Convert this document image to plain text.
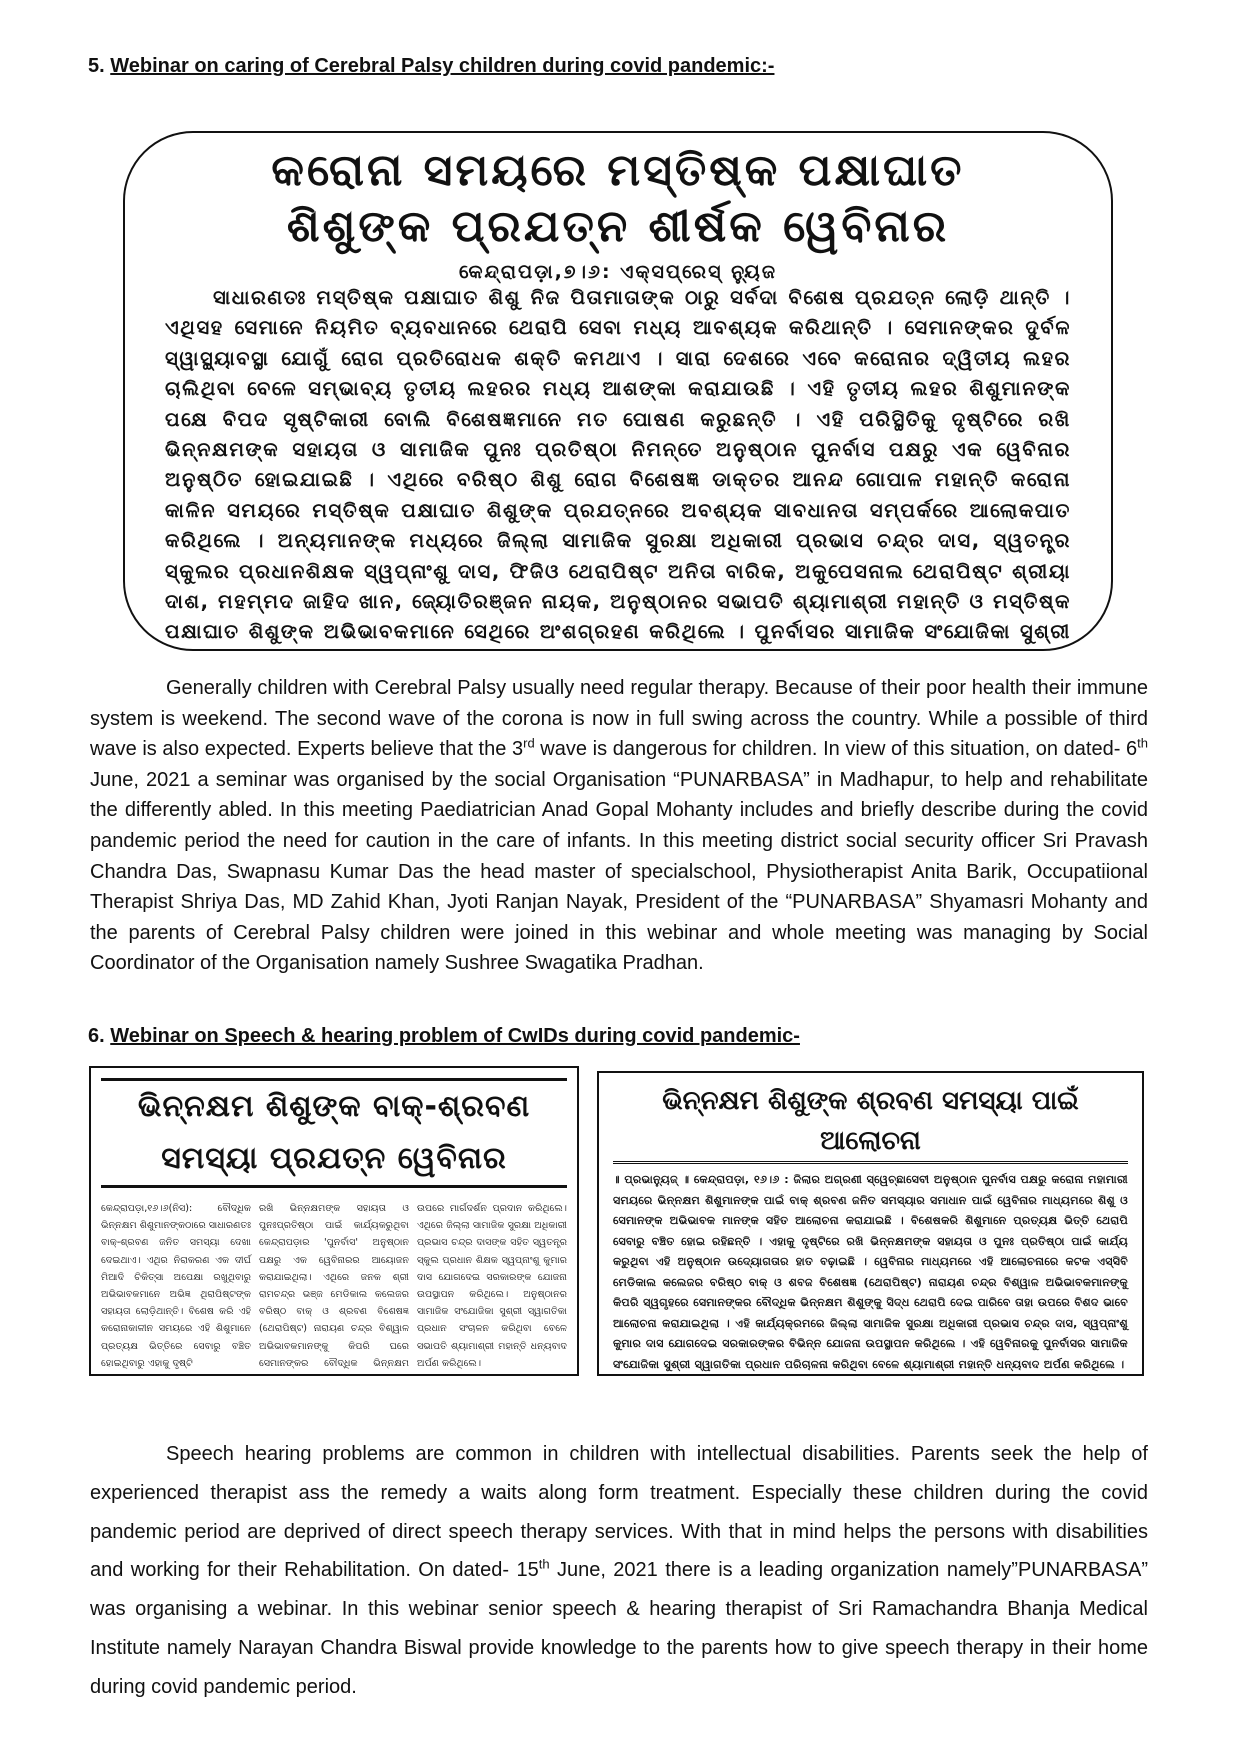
5. Webinar on caring of Cerebral Palsy children during covid pandemic:-

କରୋନା ସମୟରେ ମସ୍ତିଷ୍କ ପକ୍ଷାଘାତ

ଶିଶୁଙ୍କ ପ୍ରଯତ୍ନ ଶୀର୍ଷକ ୱେବିନାର

କେନ୍ଦ୍ରାପଡ଼ା,୭।୬: ଏକ୍ସପ୍ରେସ୍ ନ୍ୟୁଜ

ସାଧାରଣତଃ ମସ୍ତିଷ୍କ ପକ୍ଷାଘାତ ଶିଶୁ ନିଜ ପିତାମାତାଙ୍କ ଠାରୁ ସର୍ବଦା ବିଶେଷ ପ୍ରଯତ୍ନ ଲୋଡ଼ି ଥାନ୍ତି । ଏଥିସହ ସେମାନେ ନିୟମିତ ବ୍ୟବଧାନରେ ଥେରାପି ସେବା ମଧ୍ୟ ଆବଶ୍ୟକ କରିଥାନ୍ତି । ସେମାନଙ୍କର ଦୁର୍ବଳ ସ୍ୱାସ୍ଥ୍ୟାବସ୍ଥା ଯୋଗୁଁ ରୋଗ ପ୍ରତିରୋଧକ ଶକ୍ତି କମଥାଏ । ସାରା ଦେଶରେ ଏବେ କରୋନାର ଦ୍ୱିତୀୟ ଲହର ଚାଲିଥିବା ବେଳେ ସମ୍ଭାବ୍ୟ ତୃତୀୟ ଲହରର ମଧ୍ୟ ଆଶଙ୍କା କରାଯାଉଛି । ଏହି ତୃତୀୟ ଲହର ଶିଶୁମାନଙ୍କ ପକ୍ଷେ ବିପଦ ସୃଷ୍ଟିକାରୀ ବୋଲି ବିଶେଷଜ୍ଞମାନେ ମତ ପୋଷଣ କରୁଛନ୍ତି । ଏହି ପରିସ୍ଥିତିକୁ ଦୃଷ୍ଟିରେ ରଖି ଭିନ୍ନକ୍ଷମଙ୍କ ସହାୟତା ଓ ସାମାଜିକ ପୁନଃ ପ୍ରତିଷ୍ଠା ନିମନ୍ତେ ଅନୁଷ୍ଠାନ ପୁନର୍ବାସ ପକ୍ଷରୁ ଏକ ୱେବିନାର ଅନୁଷ୍ଠିତ ହୋଇଯାଇଛି । ଏଥିରେ ବରିଷ୍ଠ ଶିଶୁ ରୋଗ ବିଶେଷଜ୍ଞ ଡାକ୍ତର ଆନନ୍ଦ ଗୋପାଳ ମହାନ୍ତି କରୋନା କାଳିନ ସମୟରେ ମସ୍ତିଷ୍କ ପକ୍ଷାଘାତ ଶିଶୁଙ୍କ ପ୍ରଯତ୍ନରେ ଅବଶ୍ୟକ ସାବଧାନତା ସମ୍ପର୍କରେ ଆଲୋକପାତ କରିଥିଲେ । ଅନ୍ୟମାନଙ୍କ ମଧ୍ୟରେ ଜିଲ୍ଲା ସାମାଜିକ ସୁରକ୍ଷା ଅଧିକାରୀ ପ୍ରଭାସ ଚନ୍ଦ୍ର ଦାସ, ସ୍ୱତନ୍ତ୍ର ସ୍କୁଲର ପ୍ରଧାନଶିକ୍ଷକ ସ୍ୱପ୍ନାଂଶୁ ଦାସ, ଫିଜିଓ ଥେରାପିଷ୍ଟ ଅନିତା ବାରିକ, ଅକୁପେସନାଲ ଥେରାପିଷ୍ଟ ଶ୍ରୀୟା ଦାଶ, ମହମ୍ମଦ ଜାହିଦ ଖାନ, ଜ୍ୟୋତିରଞ୍ଜନ ନାୟକ, ଅନୁଷ୍ଠାନର ସଭାପତି ଶ୍ୟାମାଶ୍ରୀ ମହାନ୍ତି ଓ ମସ୍ତିଷ୍କ ପକ୍ଷାଘାତ ଶିଶୁଙ୍କ ଅଭିଭାବକମାନେ ସେଥିରେ ଅଂଶଗ୍ରହଣ କରିଥିଲେ । ପୁନର୍ବାସର ସାମାଜିକ ସଂଯୋଜିକା ସୁଶ୍ରୀ

Generally children with Cerebral Palsy usually need regular therapy. Because of their poor health their immune system is weekend. The second wave of the corona is now in full swing across the country. While a possible of third wave is also expected. Experts believe that the 3rd wave is dangerous for children. In view of this situation, on dated- 6th June, 2021 a seminar was organised by the social Organisation “PUNARBASA” in Madhapur, to help and rehabilitate the differently abled. In this meeting Paediatrician Anad Gopal Mohanty includes and briefly describe during the covid pandemic period the need for caution in the care of infants. In this meeting district social security officer Sri Pravash Chandra Das, Swapnasu Kumar Das the head master of specialschool, Physiotherapist Anita Barik, Occupatiional Therapist Shriya Das, MD Zahid Khan, Jyoti Ranjan Nayak, President of the “PUNARBASA” Shyamasri Mohanty and the parents of Cerebral Palsy children were joined in this webinar and whole meeting was managing by Social Coordinator of the Organisation namely Sushree Swagatika Pradhan.

6. Webinar on Speech & hearing problem of CwIDs during covid pandemic-

ଭିନ୍ନକ୍ଷମ ଶିଶୁଙ୍କ ବାକ୍-ଶ୍ରବଣ ସମସ୍ୟା ପ୍ରଯତ୍ନ ୱେବିନାର

କେନ୍ଦ୍ରାପଡ଼ା,୧୬।୬(ନିସ): ବୌଦ୍ଧିକ ଭିନ୍ନକ୍ଷମ ଶିଶୁମାନଙ୍କଠାରେ ସାଧାରଣତଃ ବାକ୍-ଶ୍ରବଣ ଜନିତ ସମସ୍ୟା ଦେଖା ଦେଇଥାଏ। ଏଥିର ନିରାକରଣ ଏକ ଦୀର୍ଘ ମିଆଦି ଚିକିତ୍ସା ଅପେକ୍ଷା ରଖୁଥିବାରୁ ଅଭିଭାବକମାନେ ଅଭିଜ୍ଞ ଥିରାପିଷ୍ଟଙ୍କ ସହାୟତା ଲୋଡ଼ିଥାନ୍ତି। ବିଶେଷ କରି ଏହି କରୋନାକାଳୀନ ସମୟରେ ଏହି ଶିଶୁମାନେ ପ୍ରତ୍ୟକ୍ଷ ଭିତ୍ତିରେ ସେବାରୁ ବଞ୍ଚିତ ହୋଇଥିବାରୁ ଏହାକୁ ଦୃଷ୍ଟି

ରଖି ଭିନ୍ନକ୍ଷମଙ୍କ ସହାୟତା ଓ ପୁନଃପ୍ରତିଷ୍ଠା ପାଇଁ କାର୍ଯ୍ୟକରୁଥିବା କେନ୍ଦ୍ରାପଡ଼ାର 'ପୁନର୍ବାସ' ଅନୁଷ୍ଠାନ ପକ୍ଷରୁ ଏକ ୱେବିନାରର ଆୟୋଜନ କରାଯାଇଥିଲା। ଏଥିରେ ଜନକ ଶ୍ରୀ ରାମଚନ୍ଦ୍ର ଭଞ୍ଜ ମେଡିକାଲ କଲେଜର ବରିଷ୍ଠ ବାକ୍ ଓ ଶ୍ରବଣ ବିଶେଷଜ୍ଞ (ଥେରାପିଷ୍ଟ) ନାରାୟଣ ଚନ୍ଦ୍ର ବିଶ୍ୱାଳ ଅଭିଭାବକମାନଙ୍କୁ କିପରି ଘରେ ସେମାନଙ୍କର ବୌଦ୍ଧିକ ଭିନ୍ନକ୍ଷମ

ଉପରେ ମାର୍ଗଦର୍ଶନ ପ୍ରଦାନ କରିଥିଲେ। ଏଥିରେ ଜିଲ୍ଲା ସାମାଜିକ ସୁରକ୍ଷା ଅଧିକାରୀ ପ୍ରଭାସ ଚନ୍ଦ୍ର ଦାସଙ୍କ ସହିତ ସ୍ୱତନ୍ତ୍ର ସ୍କୁଲ ପ୍ରଧାନ ଶିକ୍ଷକ ସ୍ୱପ୍ନାଂଶୁ କୁମାର ଦାସ ଯୋଗଦେଇ ସରକାରଙ୍କ ଯୋଜନା ଉପସ୍ଥାପନ କରିଥିଲେ। ଅନୁଷ୍ଠାନର ସାମାଜିକ ସଂଯୋଜିକା ସୁଶ୍ରୀ ସ୍ୱାଗତିକା ପ୍ରଧାନ ସଂଚାଳନ କରିଥିବା ବେଳେ ସଭାପତି ଶ୍ୟାମାଶ୍ରୀ ମହାନ୍ତି ଧନ୍ୟବାଦ ଅର୍ପଣ କରିଥିଲେ।

ଭିନ୍ନକ୍ଷମ ଶିଶୁଙ୍କ ଶ୍ରବଣ ସମସ୍ୟା ପାଇଁ ଆଲୋଚନା

॥ ପ୍ରଭାନ୍ୟୁଜ୍ ॥ କେନ୍ଦ୍ରାପଡ଼ା, ୧୬।୬ : ଜିଲାର ଅଗ୍ରଣୀ ସ୍ୱେଚ୍ଛାସେବୀ ଅନୁଷ୍ଠାନ ପୁନର୍ବାସ ପକ୍ଷରୁ କରୋନା ମହାମାରୀ ସମୟରେ ଭିନ୍ନକ୍ଷମ ଶିଶୁମାନଙ୍କ ପାଇଁ ବାକ୍ ଶ୍ରବଣ ଜନିତ ସମସ୍ୟାର ସମାଧାନ ପାଇଁ ୱେବିନାର ମାଧ୍ୟମରେ ଶିଶୁ ଓ ସେମାନଙ୍କ ଅଭିଭାବକ ମାନଙ୍କ ସହିତ ଆଲୋଚନା କରାଯାଇଛି । ବିଶେଷକରି ଶିଶୁମାନେ ପ୍ରତ୍ୟକ୍ଷ ଭିତ୍ତି ଥେରାପି ସେବାରୁ ବଞ୍ଚିତ ହୋଇ ରହିଛନ୍ତି । ଏହାକୁ ଦୃଷ୍ଟିରେ ରଖି ଭିନ୍ନକ୍ଷମଙ୍କ ସହାୟତା ଓ ପୁନଃ ପ୍ରତିଷ୍ଠା ପାଇଁ କାର୍ଯ୍ୟ କରୁଥିବା ଏହି ଅନୁଷ୍ଠାନ ଉଦ୍ୟୋଗତାର ହାତ ବଢ଼ାଇଛି । ୱେବିନାର ମାଧ୍ୟମରେ ଏହି ଆଲୋଚନାରେ କଟକ ଏସ୍‌ସିବି ମେଡିକାଲ କଲେଜର ବରିଷ୍ଠ ବାକ୍ ଓ ଶବଜ ବିଶେଷଜ୍ଞ (ଥେରାପିଷ୍ଟ) ନାରାୟଣ ଚନ୍ଦ୍ର ବିଶ୍ୱାଳ ଅଭିଭାବକମାନଙ୍କୁ କିପରି ସ୍ୱଗୃହରେ ସେମାନଙ୍କର ବୌଦ୍ଧିକ ଭିନ୍ନକ୍ଷମ ଶିଶୁଙ୍କୁ ସିଦ୍ଧ ଥେରାପି ଦେଇ ପାରିବେ ତାହା ଉପରେ ବିଶଦ ଭାବେ ଆଲୋଚନା କରାଯାଇଥିଲା । ଏହି କାର୍ଯ୍ୟକ୍ରମରେ ଜିଲ୍ଲା ସାମାଜିକ ସୁରକ୍ଷା ଅଧିକାରୀ ପ୍ରଭାସ ଚନ୍ଦ୍ର ଦାସ, ସ୍ୱପ୍ନାଂଶୁ କୁମାର ଦାସ ଯୋଗଦେଇ ସରକାରଙ୍କର ବିଭିନ୍ନ ଯୋଜନା ଉପସ୍ଥାପନ କରିଥିଲେ । ଏହି ୱେବିନାରକୁ ପୁନର୍ବାସର ସାମାଜିକ ସଂଯୋଜିକା ସୁଶ୍ରୀ ସ୍ୱାଗତିକା ପ୍ରଧାନ ପରିଚାଳନା କରିଥିବା ବେଳେ ଶ୍ୟାମାଶ୍ରୀ ମହାନ୍ତି ଧନ୍ୟବାଦ ଅର୍ପଣ କରିଥିଲେ ।

Speech hearing problems are common in children with intellectual disabilities. Parents seek the help of experienced therapist ass the remedy a waits along form treatment. Especially these children during the covid pandemic period are deprived of direct speech therapy services. With that in mind helps the persons with disabilities and working for their Rehabilitation. On dated- 15th June, 2021 there is a leading organization namely”PUNARBASA” was organising a webinar. In this webinar senior speech & hearing therapist of Sri Ramachandra Bhanja Medical Institute namely Narayan Chandra Biswal provide knowledge to the parents how to give speech therapy in their home during covid pandemic period.
